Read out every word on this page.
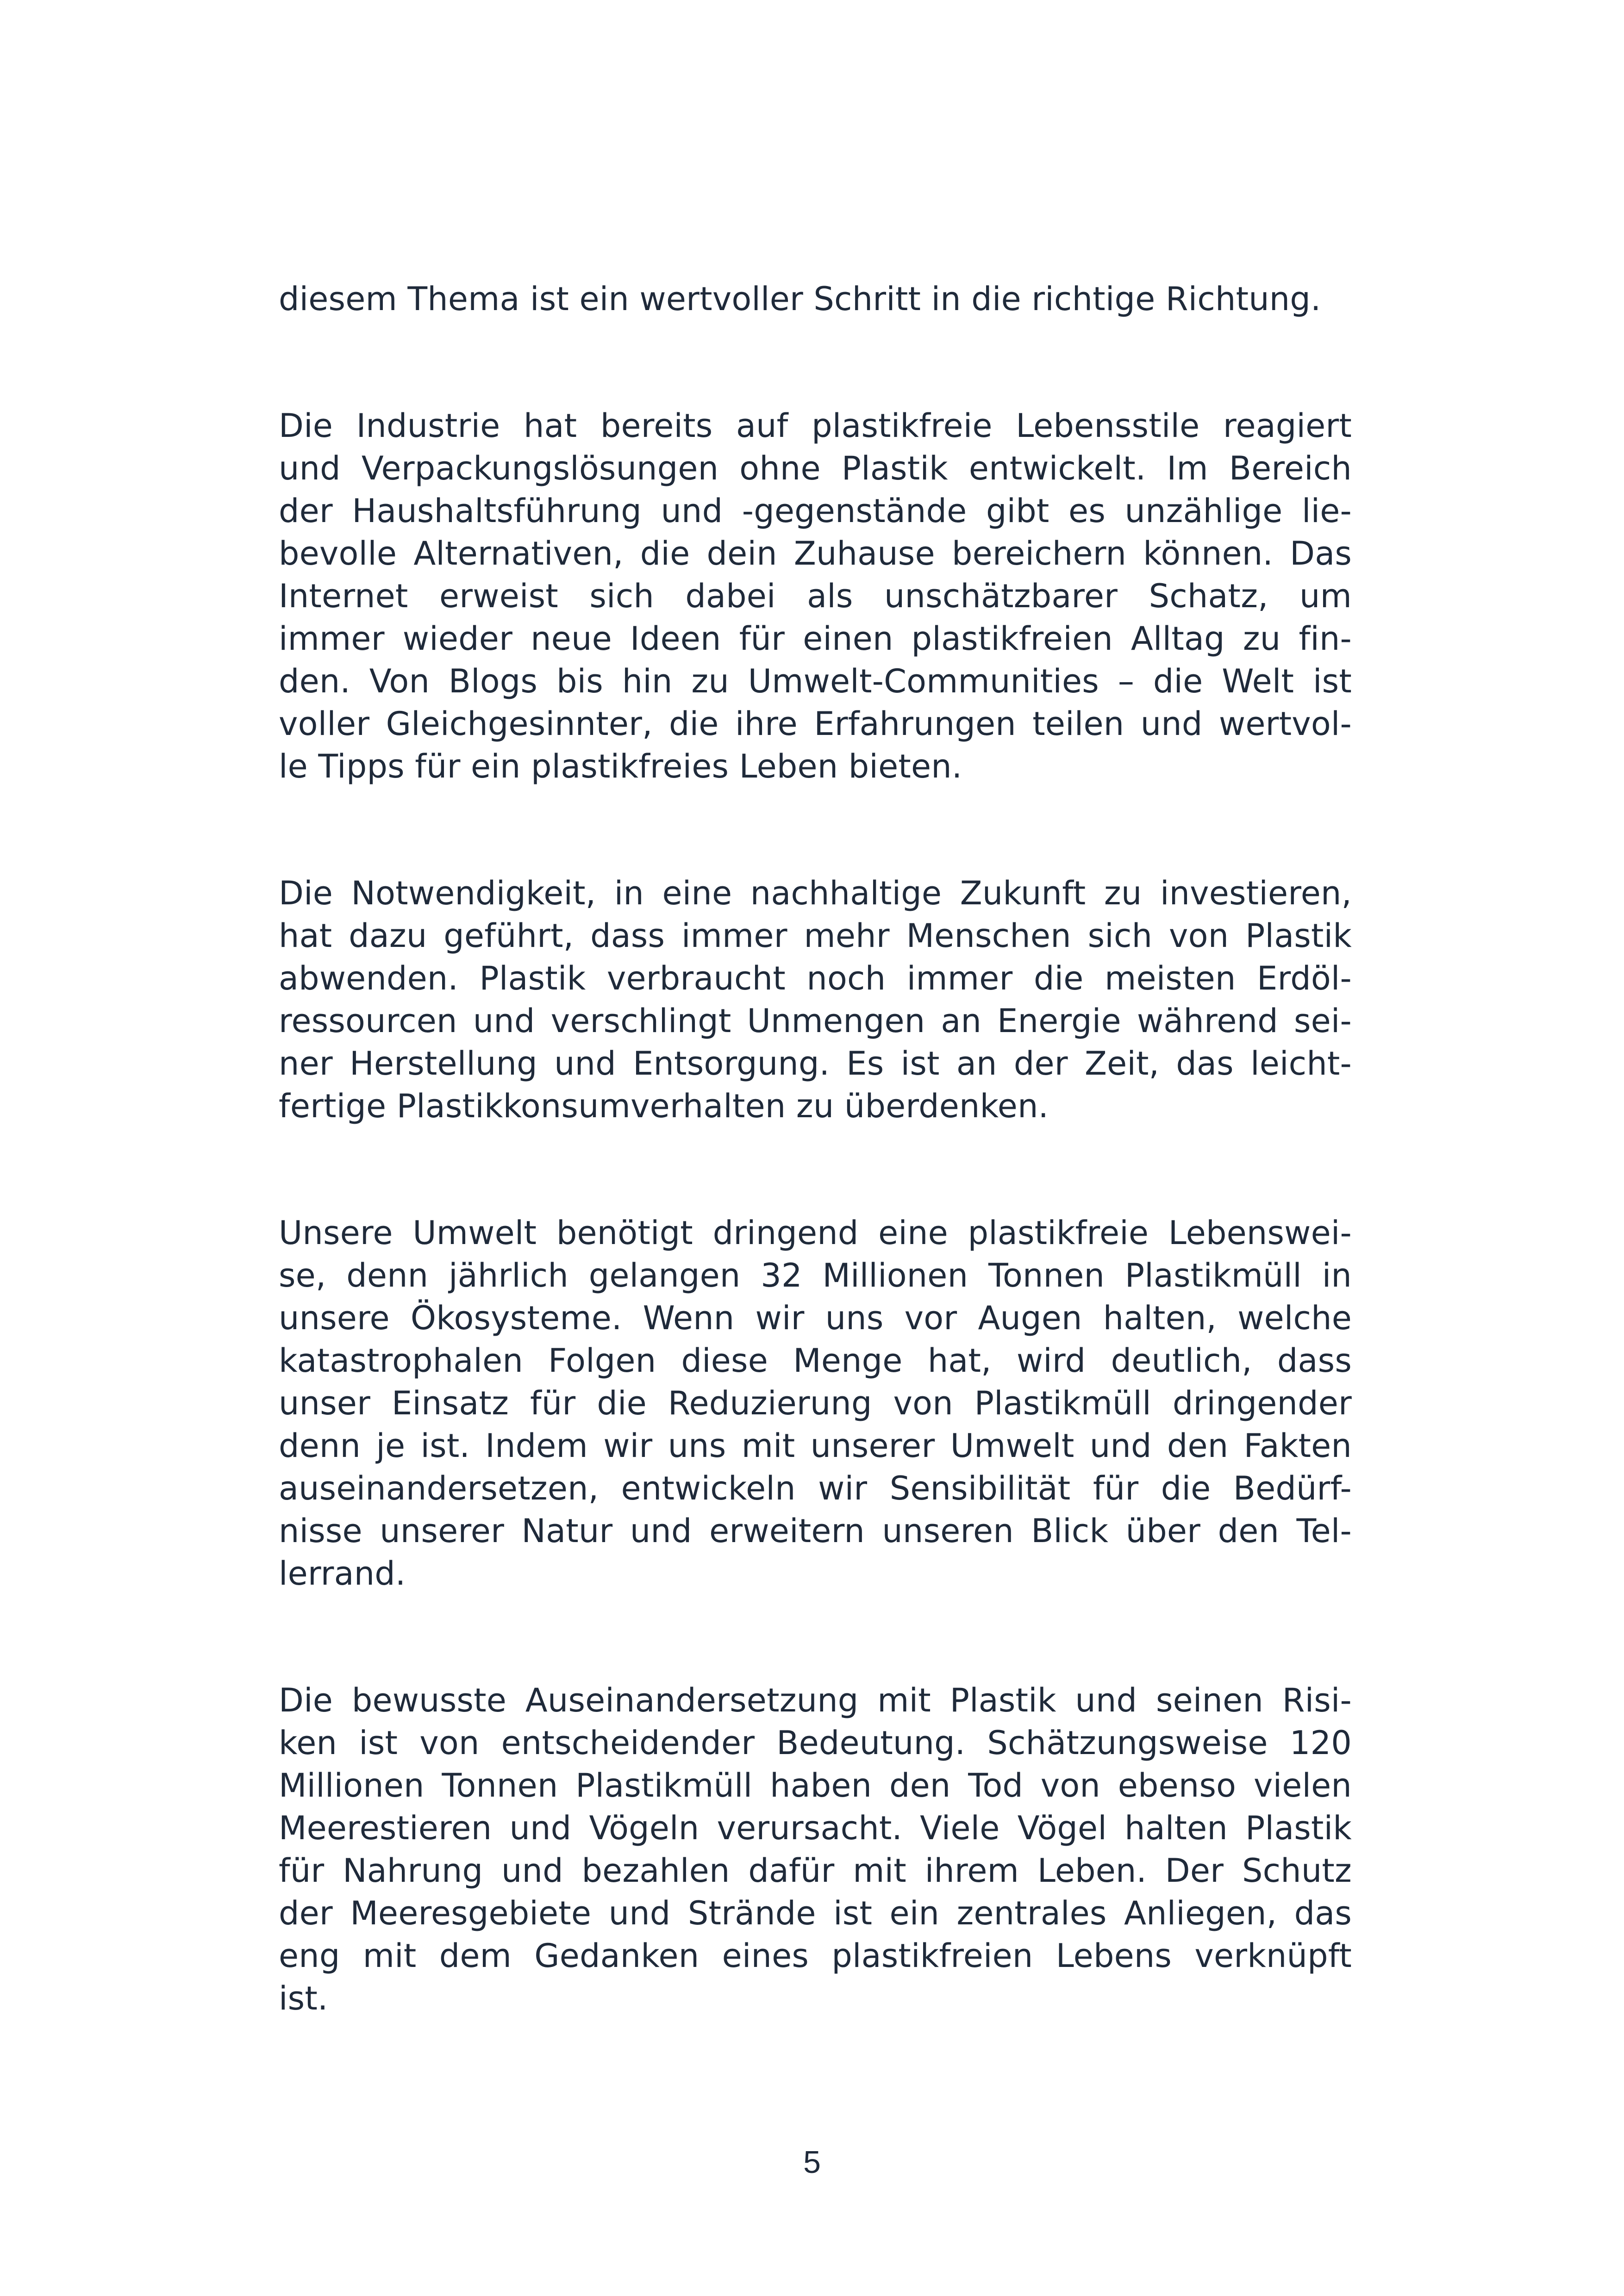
diesem Thema ist ein wertvoller Schritt in die richtige Richtung.

Die Industrie hat bereits auf plastikfreie Lebensstile reagiert
und Verpackungslösungen ohne Plastik entwickelt. Im Bereich
der Haushaltsführung und -gegenstände gibt es unzählige lie-
bevolle Alternativen, die dein Zuhause bereichern können. Das
Internet erweist sich dabei als unschätzbarer Schatz, um
immer wieder neue Ideen für einen plastikfreien Alltag zu fin-
den. Von Blogs bis hin zu Umwelt-Communities – die Welt ist
voller Gleichgesinnter, die ihre Erfahrungen teilen und wertvol-
le Tipps für ein plastikfreies Leben bieten.

Die Notwendigkeit, in eine nachhaltige Zukunft zu investieren,
hat dazu geführt, dass immer mehr Menschen sich von Plastik
abwenden. Plastik verbraucht noch immer die meisten Erdöl-
ressourcen und verschlingt Unmengen an Energie während sei-
ner Herstellung und Entsorgung. Es ist an der Zeit, das leicht-
fertige Plastikkonsumverhalten zu überdenken.

Unsere Umwelt benötigt dringend eine plastikfreie Lebenswei-
se, denn jährlich gelangen 32 Millionen Tonnen Plastikmüll in
unsere Ökosysteme. Wenn wir uns vor Augen halten, welche
katastrophalen Folgen diese Menge hat, wird deutlich, dass
unser Einsatz für die Reduzierung von Plastikmüll dringender
denn je ist. Indem wir uns mit unserer Umwelt und den Fakten
auseinandersetzen, entwickeln wir Sensibilität für die Bedürf-
nisse unserer Natur und erweitern unseren Blick über den Tel-
lerrand.

Die bewusste Auseinandersetzung mit Plastik und seinen Risi-
ken ist von entscheidender Bedeutung. Schätzungsweise 120
Millionen Tonnen Plastikmüll haben den Tod von ebenso vielen
Meerestieren und Vögeln verursacht. Viele Vögel halten Plastik
für Nahrung und bezahlen dafür mit ihrem Leben. Der Schutz
der Meeresgebiete und Strände ist ein zentrales Anliegen, das
eng mit dem Gedanken eines plastikfreien Lebens verknüpft
ist.

5
